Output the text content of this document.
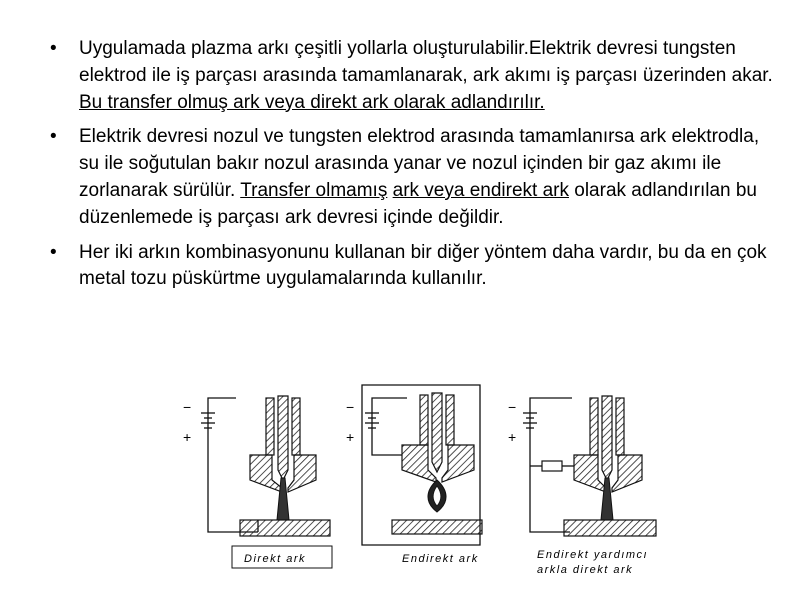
• Uygulamada plazma arkı çeşitli yollarla oluşturulabilir.Elektrik devresi tungsten elektrod ile iş parçası arasında tamamlanarak, ark akımı iş parçası üzerinden akar. Bu transfer olmuş ark veya direkt ark olarak adlandırılır.
• Elektrik devresi nozul ve tungsten elektrod arasında tamamlanırsa ark elektrodla, su ile soğutulan bakır nozul arasında yanar ve nozul içinden bir gaz akımı ile zorlanarak sürülür. Transfer olmamış ark veya endirekt ark olarak adlandırılan bu düzenlemede iş parçası ark devresi içinde değildir.
• Her iki arkın kombinasyonunu kullanan bir diğer yöntem daha vardır, bu da en çok metal tozu püskürtme uygulamalarında kullanılır.
−
+
Direkt ark
−
+
Endirekt ark
−
+
Endirekt yardımcı
arkla direkt ark
